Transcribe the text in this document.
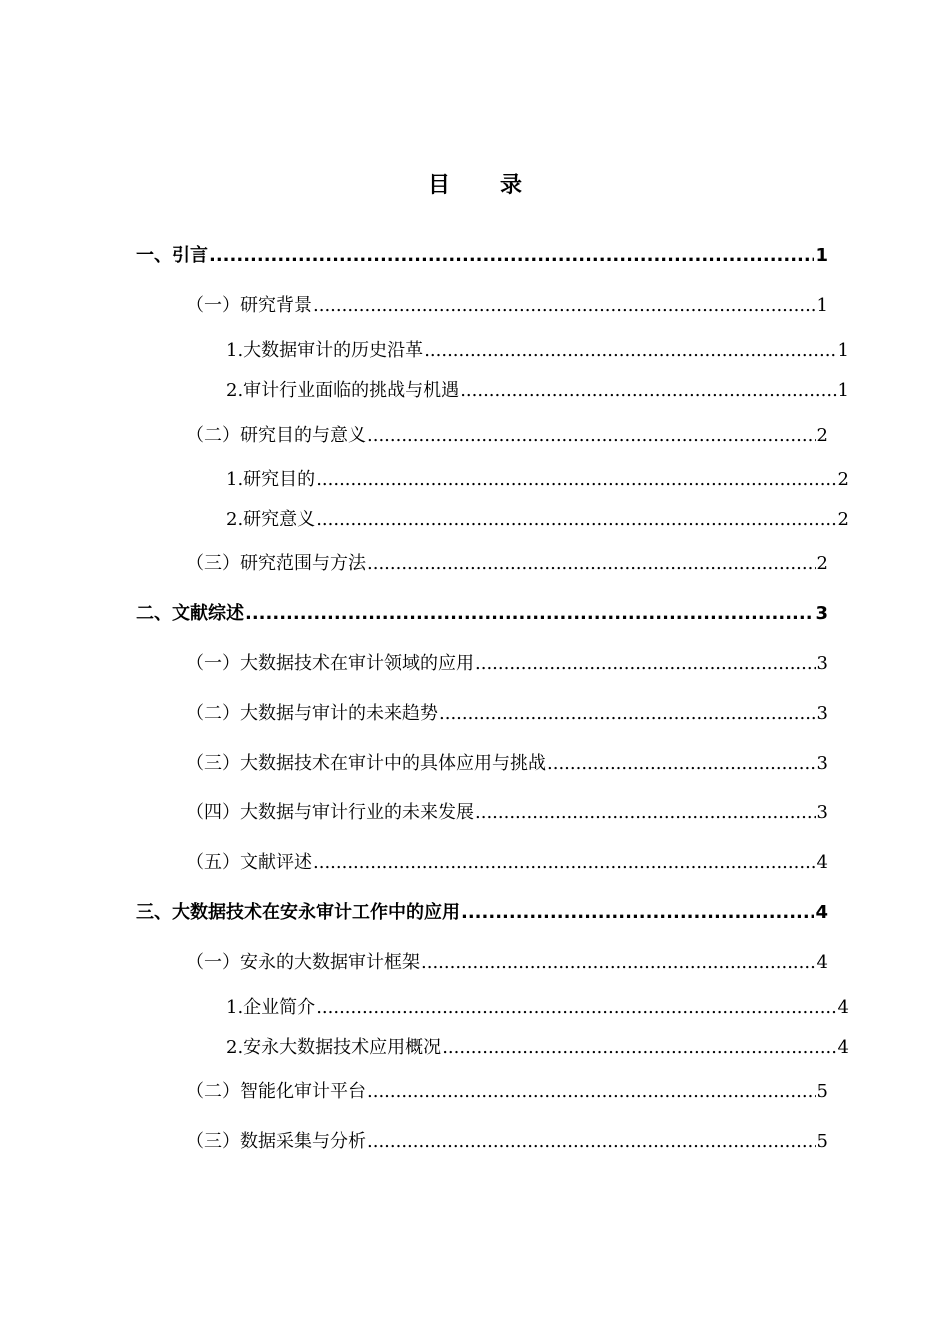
目 录
一、引言 .....	1
（一）研究背景 .....	1
1.大数据审计的历史沿革 .....	1
2.审计行业面临的挑战与机遇 .....	1
（二）研究目的与意义 .....	2
1.研究目的 .....	2
2.研究意义 .....	2
（三）研究范围与方法 .....	2
二、文献综述 .....	3
（一）大数据技术在审计领域的应用 .....	3
（二）大数据与审计的未来趋势 .....	3
（三）大数据技术在审计中的具体应用与挑战 .....	3
（四）大数据与审计行业的未来发展 .....	3
（五）文献评述 .....	4
三、大数据技术在安永审计工作中的应用 .....	4
（一）安永的大数据审计框架 .....	4
1.企业简介 .....	4
2.安永大数据技术应用概况 .....	4
（二）智能化审计平台 .....	5
（三）数据采集与分析 .....	5
